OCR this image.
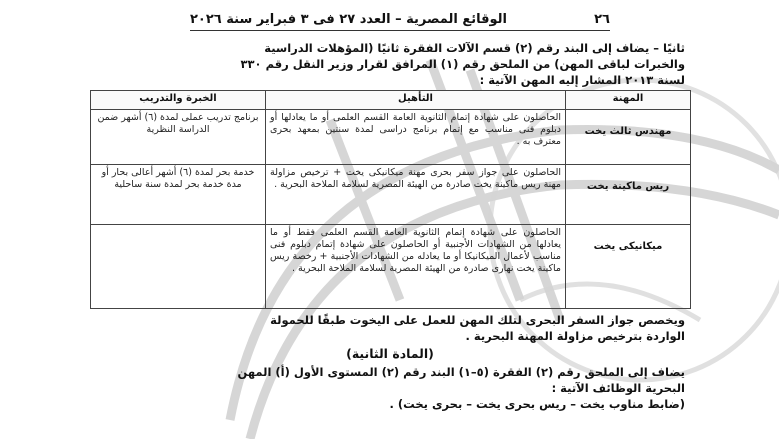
٢٦
الوقائع المصرية – العدد ٢٧ فى ٣ فبراير سنة ٢٠٢٦
ثانيًا – يضاف إلى البند رقم (٢) قسم الآلات الفقرة ثانيًا (المؤهلات الدراسية
والخبرات لباقى المهن) من الملحق رقم (١) المرافق لقرار وزير النقل رقم ٣٣٠
لسنة ٢٠١٣ المشار إليه المهن الآتية :
المهنة	التأهيل	الخبرة والتدريب
مهندس ثالث يخت	الحاصلون على شهادة إتمام الثانوية العامة القسم العلمى أو ما يعادلها أو دبلوم فنى مناسب مع إتمام برنامج دراسى لمدة سنتين بمعهد بحرى معترف به .	برنامج تدريب عملى لمدة (٦) أشهر ضمن الدراسة النظرية
ريس ماكينة يخت	الحاصلون على جواز سفر بحرى مهنة ميكانيكى يخت + ترخيص مزاولة مهنة ريس ماكينة يخت صادرة من الهيئة المصرية لسلامة الملاحة البحرية .	خدمة بحر لمدة (٦) أشهر أعالى بحار أو مدة خدمة بحر لمدة سنة ساحلية
ميكانيكى يخت	الحاصلون على شهادة إتمام الثانوية العامة القسم العلمى فقط أو ما يعادلها من الشهادات الأجنبية أو الحاصلون على شهادة إتمام دبلوم فنى مناسب لأعمال الميكانيكا أو ما يعادله من الشهادات الأجنبية + رخصة ريس ماكينة يخت نهارى صادرة من الهيئة المصرية لسلامة الملاحة البحرية .	
ويخصص جواز السفر البحرى لتلك المهن للعمل على اليخوت طبقًا للحمولة
الواردة بترخيص مزاولة المهنة البحرية .
(المادة الثانية)
يضاف إلى الملحق رقم (٢) الفقرة (٥–١) البند رقم (٢) المستوى الأول (أ) المهن
البحرية الوظائف الآتية :
(ضابط مناوب يخت – ريس بحرى يخت – بحرى يخت) .
